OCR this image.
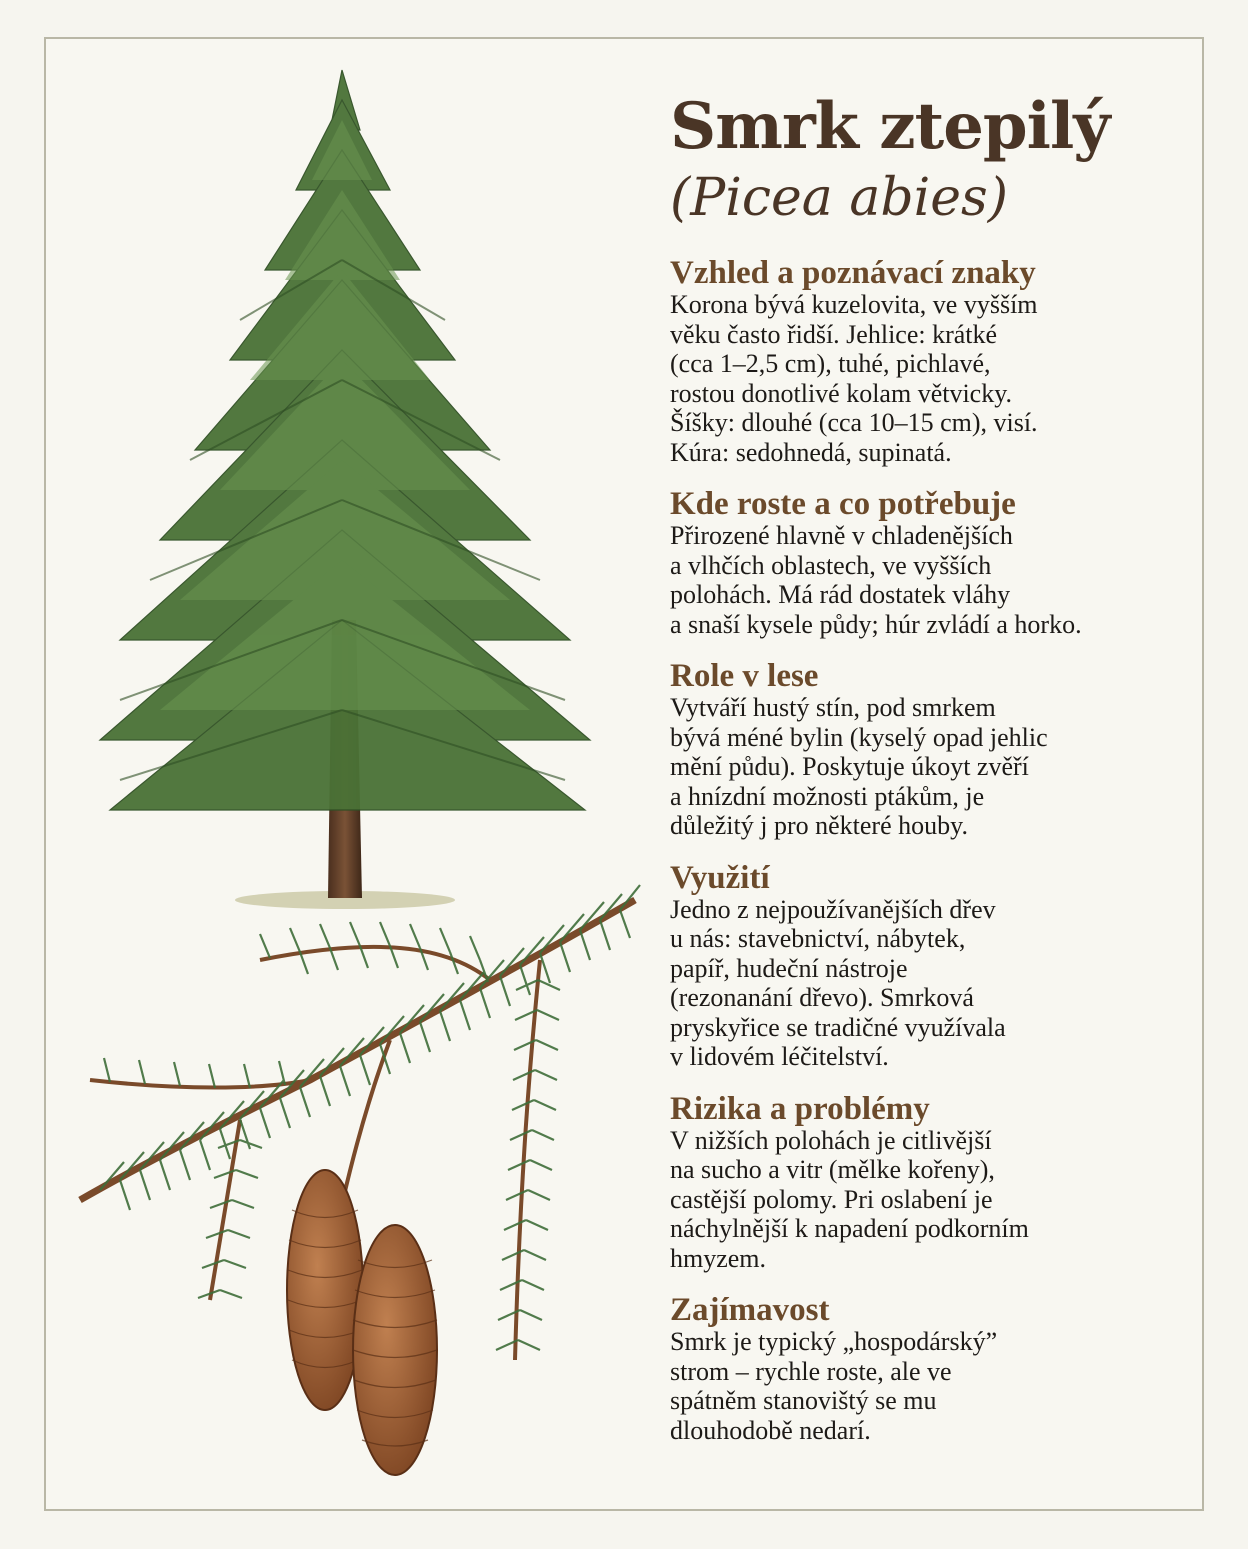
Smrk ztepilý

(Picea abies)

Vzhled a poznávací znaky

Korona bývá kuzelovita, ve vyšším
věku často řidší. Jehlice: krátké
(cca 1–2,5 cm), tuhé, pichlavé,
rostou donotlivé kolam větvicky.
Šíšky: dlouhé (cca 10–15 cm), visí.
Kúra: sedohnedá, supinatá.

Kde roste a co potřebuje

Přirozené hlavně v chladenějších
a vlhčích oblastech, ve vyšších
polohách. Má rád dostatek vláhy
a snaší kysele půdy; húr zvládí a horko.

Role v lese

Vytváří hustý stín, pod smrkem
bývá méné bylin (kyselý opad jehlic
mění půdu). Poskytuje úkoyt zvěří
a hnízdní možnosti ptákům, je
důležitý j pro některé houby.

Využití

Jedno z nejpoužívanějších dřev
u nás: stavebnictví, nábytek,
papíř, hudeční nástroje
(rezonanání dřevo). Smrková
pryskyřice se tradičné využívala
v lidovém léčitelství.

Rizika a problémy

V nižších polohách je citlivější
na sucho a vitr (mělke kořeny),
castější polomy. Pri oslabení je
náchylnější k napadení podkorním
hmyzem.

Zajímavost

Smrk je typický „hospodárský”
strom – rychle roste, ale ve
spátněm stanovištý se mu
dlouhodobě nedarí.
